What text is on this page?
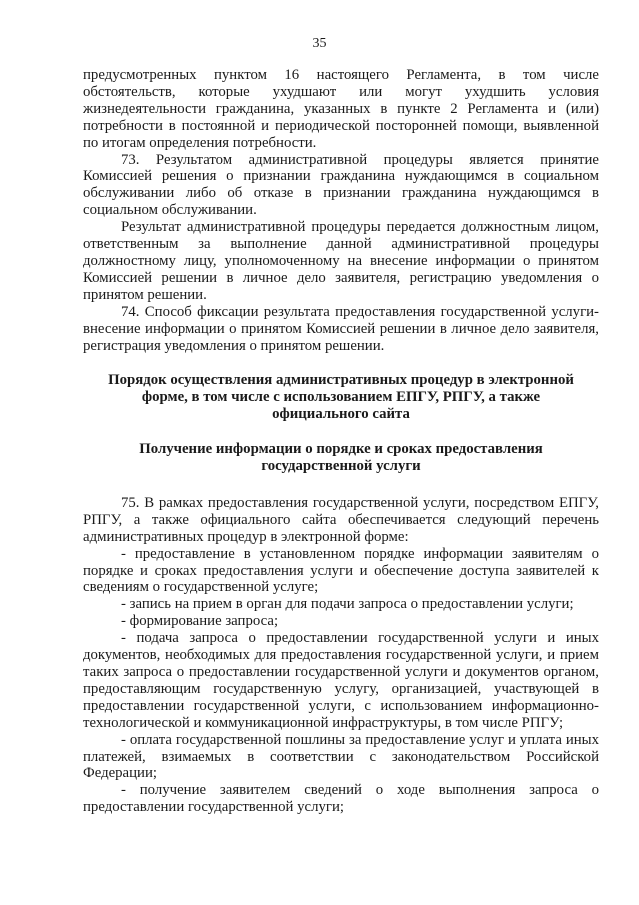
35

предусмотренных пунктом 16 настоящего Регламента, в том числе обстоятельств, которые ухудшают или могут ухудшить условия жизнедеятельности гражданина, указанных в пункте 2 Регламента и (или) потребности в постоянной и периодической посторонней помощи, выявленной по итогам определения потребности.

73. Результатом административной процедуры является принятие Комиссией решения о признании гражданина нуждающимся в социальном обслуживании либо об отказе в признании гражданина нуждающимся в социальном обслуживании.

Результат административной процедуры передается должностным лицом, ответственным за выполнение данной административной процедуры должностному лицу, уполномоченному на внесение информации о принятом Комиссией решении в личное дело заявителя, регистрацию уведомления о принятом решении.

74. Способ фиксации результата предоставления государственной услуги-внесение информации о принятом Комиссией решении в личное дело заявителя, регистрация уведомления о принятом решении.

Порядок осуществления административных процедур в электронной форме, в том числе с использованием ЕПГУ, РПГУ, а также официального сайта

Получение информации о порядке и сроках предоставления государственной услуги

75. В рамках предоставления государственной услуги, посредством ЕПГУ, РПГУ, а также официального сайта обеспечивается следующий перечень административных процедур в электронной форме:

- предоставление в установленном порядке информации заявителям о порядке и сроках предоставления услуги и обеспечение доступа заявителей к сведениям о государственной услуге;

- запись на прием в орган для подачи запроса о предоставлении услуги;

- формирование запроса;

- подача запроса о предоставлении государственной услуги и иных документов, необходимых для предоставления государственной услуги, и прием таких запроса о предоставлении государственной услуги и документов органом, предоставляющим государственную услугу, организацией, участвующей в предоставлении государственной услуги, с использованием информационно-технологической и коммуникационной инфраструктуры, в том числе РПГУ;

- оплата государственной пошлины за предоставление услуг и уплата иных платежей, взимаемых в соответствии с законодательством Российской Федерации;

- получение заявителем сведений о ходе выполнения запроса о предоставлении государственной услуги;
